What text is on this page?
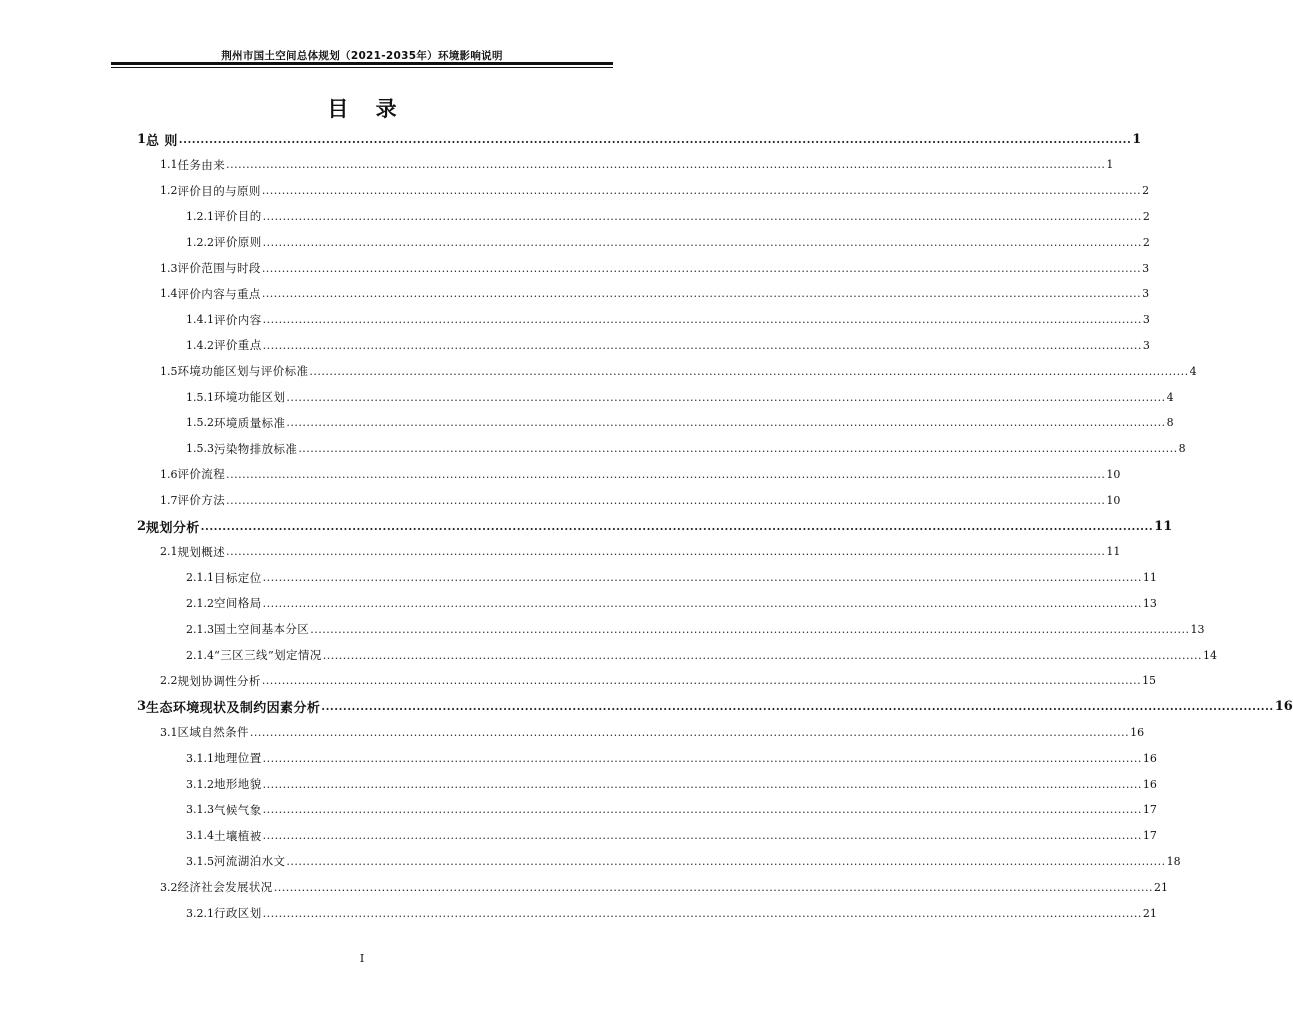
荆州市国土空间总体规划（2021-2035年）环境影响说明
目 录
1 总 则 ............................................................................................................................................................................................................................ 1
1.1 任务由来 ............................................................................................................................................................................................................................ 1
1.2 评价目的与原则 ............................................................................................................................................................................................................................ 2
1.2.1 评价目的 ............................................................................................................................................................................................................................ 2
1.2.2 评价原则 ............................................................................................................................................................................................................................ 2
1.3 评价范围与时段 ............................................................................................................................................................................................................................ 3
1.4 评价内容与重点 ............................................................................................................................................................................................................................ 3
1.4.1 评价内容 ............................................................................................................................................................................................................................ 3
1.4.2 评价重点 ............................................................................................................................................................................................................................ 3
1.5 环境功能区划与评价标准 ............................................................................................................................................................................................................................ 4
1.5.1 环境功能区划 ............................................................................................................................................................................................................................ 4
1.5.2 环境质量标准 ............................................................................................................................................................................................................................ 8
1.5.3 污染物排放标准 ............................................................................................................................................................................................................................ 8
1.6 评价流程 ............................................................................................................................................................................................................................ 10
1.7 评价方法 ............................................................................................................................................................................................................................ 10
2 规划分析 ............................................................................................................................................................................................................................ 11
2.1 规划概述 ............................................................................................................................................................................................................................ 11
2.1.1 目标定位 ............................................................................................................................................................................................................................ 11
2.1.2 空间格局 ............................................................................................................................................................................................................................ 13
2.1.3 国土空间基本分区 ............................................................................................................................................................................................................................ 13
2.1.4 “三区三线”划定情况 ............................................................................................................................................................................................................................ 14
2.2 规划协调性分析 ............................................................................................................................................................................................................................ 15
3 生态环境现状及制约因素分析 ............................................................................................................................................................................................................................ 16
3.1 区域自然条件 ............................................................................................................................................................................................................................ 16
3.1.1 地理位置 ............................................................................................................................................................................................................................ 16
3.1.2 地形地貌 ............................................................................................................................................................................................................................ 16
3.1.3 气候气象 ............................................................................................................................................................................................................................ 17
3.1.4 土壤植被 ............................................................................................................................................................................................................................ 17
3.1.5 河流湖泊水文 ............................................................................................................................................................................................................................ 18
3.2 经济社会发展状况 ............................................................................................................................................................................................................................ 21
3.2.1 行政区划 ............................................................................................................................................................................................................................ 21
I
